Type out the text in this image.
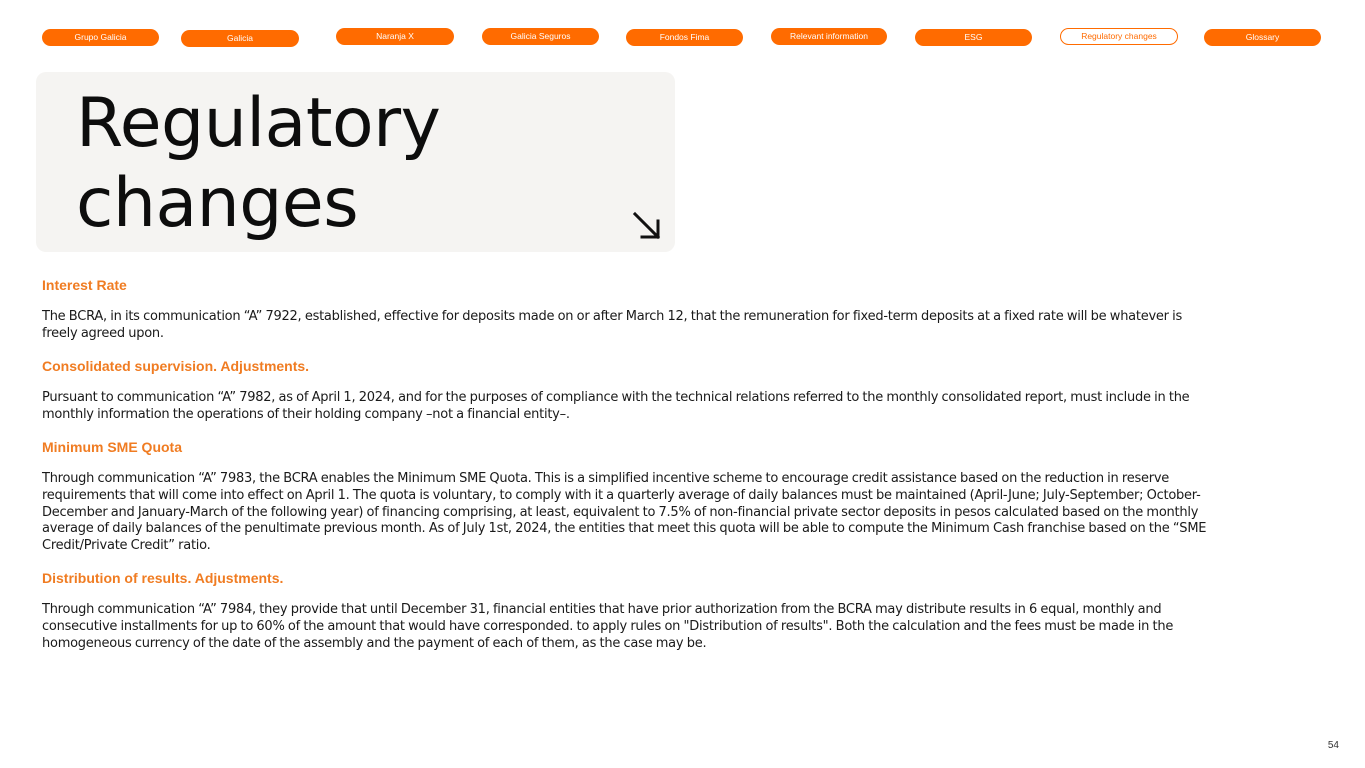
Grupo Galicia	Galicia	Naranja X	Galicia Seguros	Fondos Fima	Relevant information	ESG	Regulatory changes	Glossary
Regulatory
changes
Interest Rate

The BCRA, in its communication “A” 7922, established, effective for deposits made on or after March 12, that the remuneration for fixed-term deposits at a fixed rate will be whatever is freely agreed upon.

Consolidated supervision. Adjustments.

Pursuant to communication “A” 7982, as of April 1, 2024, and for the purposes of compliance with the technical relations referred to the monthly consolidated report, must include in the monthly information the operations of their holding company –not a financial entity–.

Minimum SME Quota

Through communication “A” 7983, the BCRA enables the Minimum SME Quota. This is a simplified incentive scheme to encourage credit assistance based on the reduction in reserve requirements that will come into effect on April 1. The quota is voluntary, to comply with it a quarterly average of daily balances must be maintained (April-June; July-September; October-December and January-March of the following year) of financing comprising, at least, equivalent to 7.5% of non-financial private sector deposits in pesos calculated based on the monthly average of daily balances of the penultimate previous month. As of July 1st, 2024, the entities that meet this quota will be able to compute the Minimum Cash franchise based on the “SME Credit/Private Credit” ratio.

Distribution of results. Adjustments.

Through communication “A” 7984, they provide that until December 31, financial entities that have prior authorization from the BCRA may distribute results in 6 equal, monthly and consecutive installments for up to 60% of the amount that would have corresponded. to apply rules on "Distribution of results". Both the calculation and the fees must be made in the homogeneous currency of the date of the assembly and the payment of each of them, as the case may be.

54
